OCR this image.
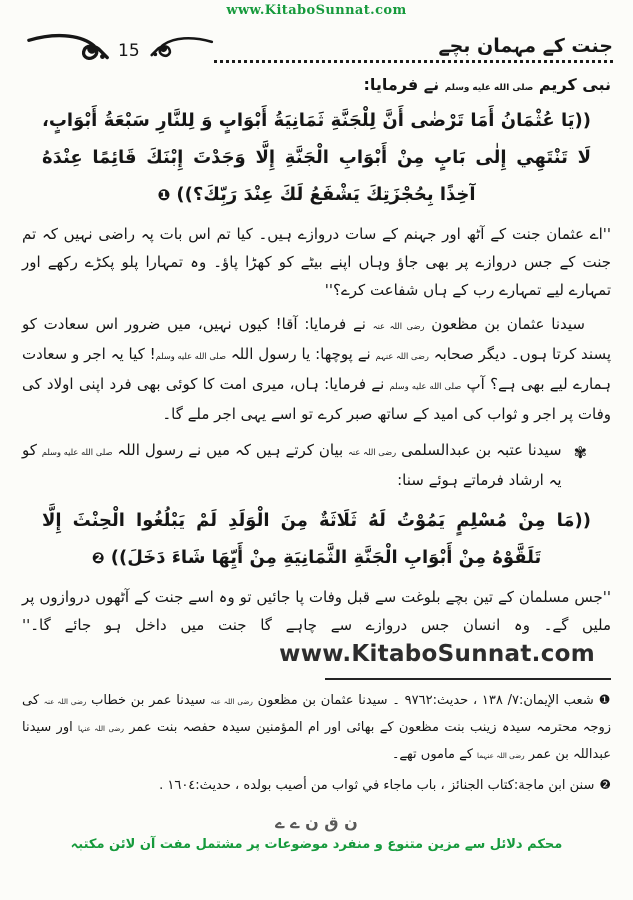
www.KitaboSunnat.com
15	جنت کے مہمان بچے

نبی کریم صلى الله عليه وسلم نے فرمایا:

((يَا عُثْمَانُ أَمَا تَرْضٰى أَنَّ لِلْجَنَّةِ ثَمَانِيَةُ أَبْوَابٍ وَ لِلنَّارِ سَبْعَةُ أَبْوَابٍ، لَا تَنْتَهِي إِلٰى بَابٍ مِنْ أَبْوَابِ الْجَنَّةِ إِلَّا وَجَدْتَ إِبْنَكَ قَائِمًا عِنْدَهُ آخِذًا بِحُجْزَتِكَ يَشْفَعُ لَكَ عِنْدَ رَبِّكَ؟)) ❶

''اے عثمان جنت کے آٹھ اور جہنم کے سات دروازے ہیں۔ کیا تم اس بات پہ راضی نہیں کہ تم جنت کے جس دروازے پر بھی جاؤ وہاں اپنے بیٹے کو کھڑا پاؤ۔ وہ تمہارا پلو پکڑے رکھے اور تمہارے لیے تمہارے رب کے ہاں شفاعت کرے؟''

سیدنا عثمان بن مظعون رضی اللہ عنہ نے فرمایا: آقا! کیوں نہیں، میں ضرور اس سعادت کو پسند کرتا ہوں۔ دیگر صحابہ رضی اللہ عنہم نے پوچھا: یا رسول اللہ صلى الله عليه وسلم! کیا یہ اجر و سعادت ہمارے لیے بھی ہے؟ آپ صلى الله عليه وسلم نے فرمایا: ہاں، میری امت کا کوئی بھی فرد اپنی اولاد کی وفات پر اجر و ثواب کی امید کے ساتھ صبر کرے تو اسے یہی اجر ملے گا۔

✾

سیدنا عتبہ بن عبدالسلمی رضی اللہ عنہ بیان کرتے ہیں کہ میں نے رسول اللہ صلى الله عليه وسلم کو یہ ارشاد فرماتے ہوئے سنا:

((مَا مِنْ مُسْلِمٍ يَمُوْتُ لَهُ ثَلَاثَةٌ مِنَ الْوَلَدِ لَمْ يَبْلُغُوا الْحِنْثَ إِلَّا تَلَقَّوْهُ مِنْ أَبْوَابِ الْجَنَّةِ الثَّمَانِيَةِ مِنْ أَيِّهَا شَاءَ دَخَلَ)) ❷

''جس مسلمان کے تین بچے بلوغت سے قبل وفات پا جائیں تو وہ اسے جنت کے آٹھوں دروازوں پر ملیں گے۔ وہ انسان جس دروازے سے چاہے گا جنت میں داخل ہو جائے گا۔''www.KitaboSunnat.com

❶شعب الإيمان:٧/ ١٣٨ ، حديث:٩٧٦٢ ۔ سیدنا عثمان بن مظعون رضی اللہ عنہ سیدنا عمر بن خطاب رضی اللہ عنہ کی زوجہ محترمہ سیدہ زینب بنت مظعون کے بھائی اور ام المؤمنین سیدہ حفصہ بنت عمر رضی اللہ عنہا اور سیدنا عبداللہ بن عمر رضی اللہ عنہما کے ماموں تھے۔

❷سنن ابن ماجة:كتاب الجنائز ، باب ماجاء في ثواب من أصيب بولده ، حديث:١٦٠٤ .

ن ق ن ے ے
محکم دلائل سے مزین متنوع و منفرد موضوعات پر مشتمل مفت آن لائن مکتبہ
